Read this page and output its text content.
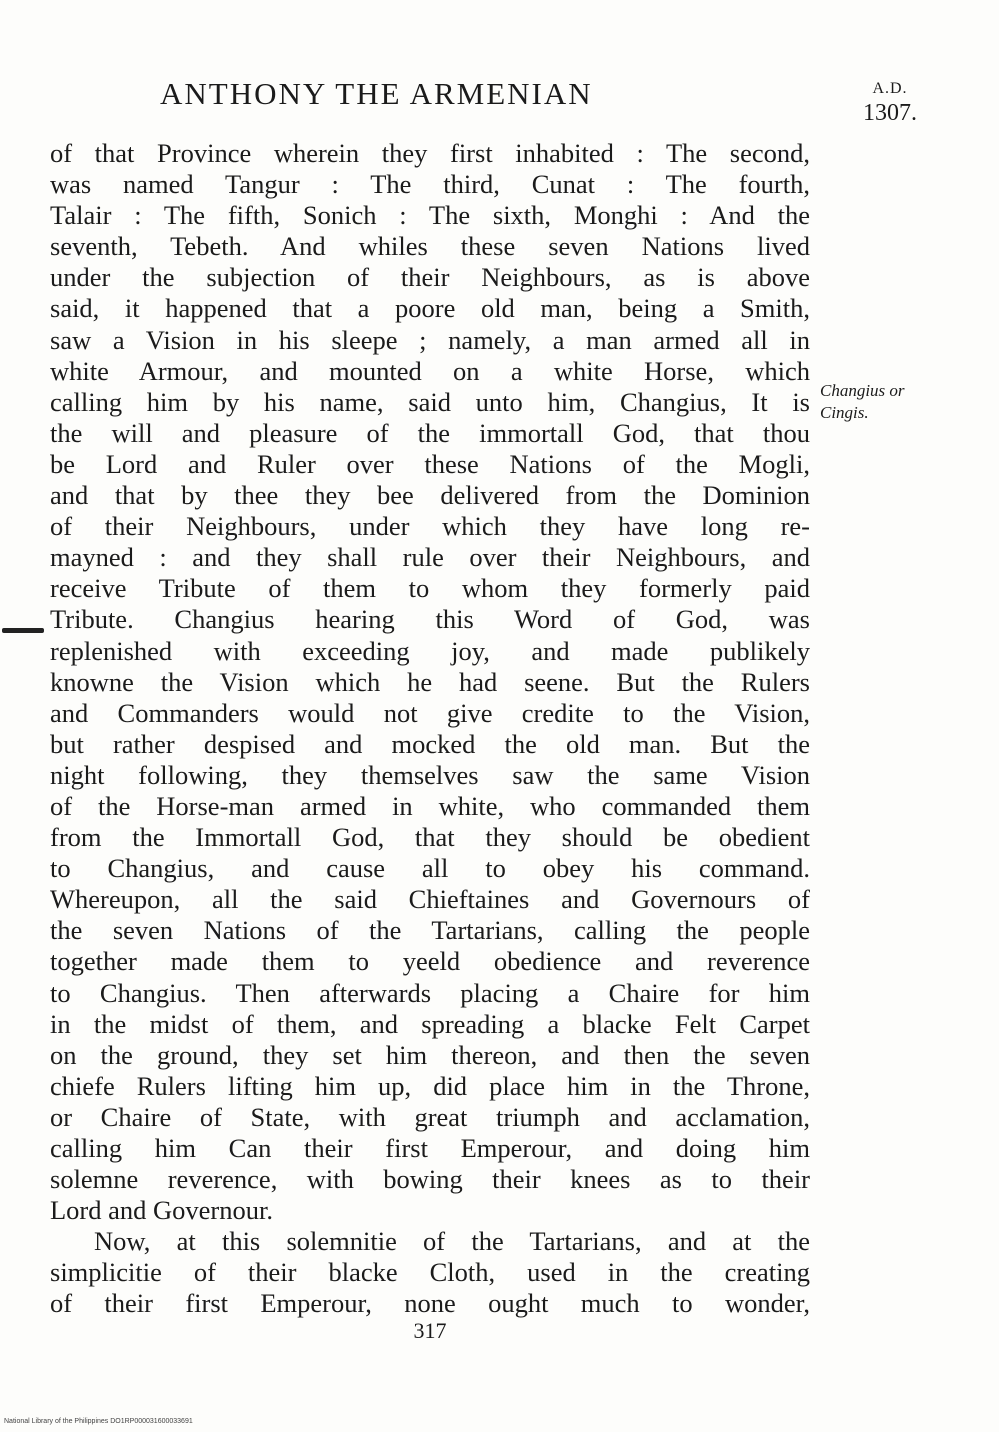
ANTHONY THE ARMENIAN	A.D.
1307.
of that Province wherein they first inhabited : The second,
was named Tangur : The third, Cunat : The fourth,
Talair : The fifth, Sonich : The sixth, Monghi : And the
seventh, Tebeth. And whiles these seven Nations lived
under the subjection of their Neighbours, as is above
said, it happened that a poore old man, being a Smith,
saw a Vision in his sleepe ; namely, a man armed all in
white Armour, and mounted on a white Horse, which
calling him by his name, said unto him, Changius, It is
the will and pleasure of the immortall God, that thou
be Lord and Ruler over these Nations of the Mogli,
and that by thee they bee delivered from the Dominion
of their Neighbours, under which they have long re-
mayned : and they shall rule over their Neighbours, and
receive Tribute of them to whom they formerly paid
Tribute. Changius hearing this Word of God, was
replenished with exceeding joy, and made publikely
knowne the Vision which he had seene. But the Rulers
and Commanders would not give credite to the Vision,
but rather despised and mocked the old man. But the
night following, they themselves saw the same Vision
of the Horse-man armed in white, who commanded them
from the Immortall God, that they should be obedient
to Changius, and cause all to obey his command.
Whereupon, all the said Chieftaines and Governours of
the seven Nations of the Tartarians, calling the people
together made them to yeeld obedience and reverence
to Changius. Then afterwards placing a Chaire for him
in the midst of them, and spreading a blacke Felt Carpet
on the ground, they set him thereon, and then the seven
chiefe Rulers lifting him up, did place him in the Throne,
or Chaire of State, with great triumph and acclamation,
calling him Can their first Emperour, and doing him
solemne reverence, with bowing their knees as to their
Lord and Governour.
Now, at this solemnitie of the Tartarians, and at the
simplicitie of their blacke Cloth, used in the creating
of their first Emperour, none ought much to wonder,
Changius or
Cingis.
317
National Library of the Philippines DO1RP000031600033691
